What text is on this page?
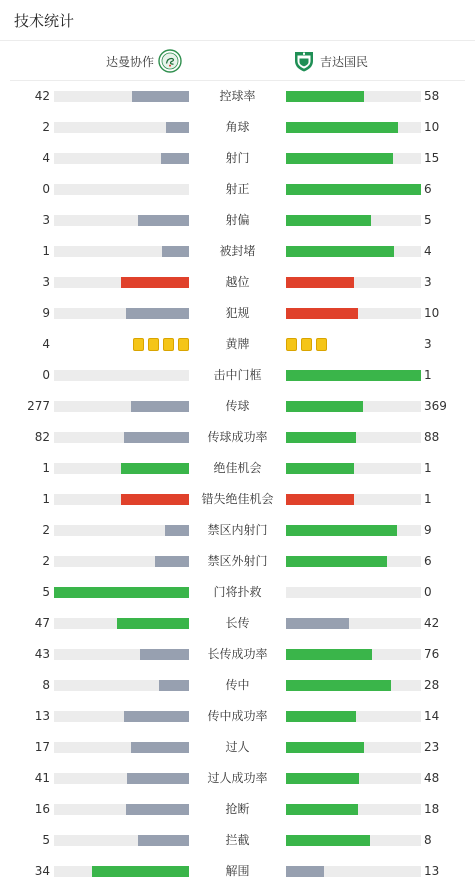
技术统计
达曼协作	吉达国民
42	控球率	58
2	角球	10
4	射门	15
0	射正	6
3	射偏	5
1	被封堵	4
3	越位	3
9	犯规	10
4	黄牌	3
0	击中门框	1
277	传球	369
82	传球成功率	88
1	绝佳机会	1
1	错失绝佳机会	1
2	禁区内射门	9
2	禁区外射门	6
5	门将扑救	0
47	长传	42
43	长传成功率	76
8	传中	28
13	传中成功率	14
17	过人	23
41	过人成功率	48
16	抢断	18
5	拦截	8
34	解围	13
